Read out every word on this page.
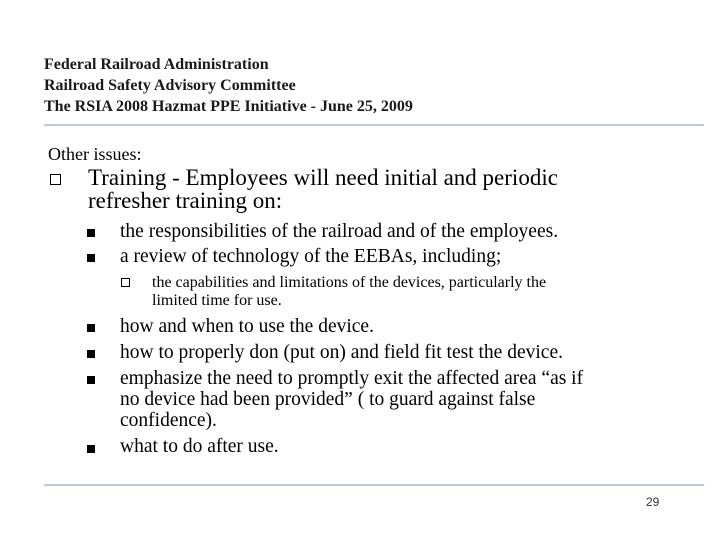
Federal Railroad Administration
Railroad Safety Advisory Committee
The RSIA 2008 Hazmat PPE Initiative - June 25, 2009
Other issues:
Training - Employees will need initial and periodic
refresher training on:
the responsibilities of the railroad and of the employees.
a review of technology of the EEBAs, including;
the capabilities and limitations of the devices, particularly the
limited time for use.
how and when to use the device.
how to properly don (put on) and field fit test the device.
emphasize the need to promptly exit the affected area “as if
no device had been provided” ( to guard against false
confidence).
what to do after use.
29
